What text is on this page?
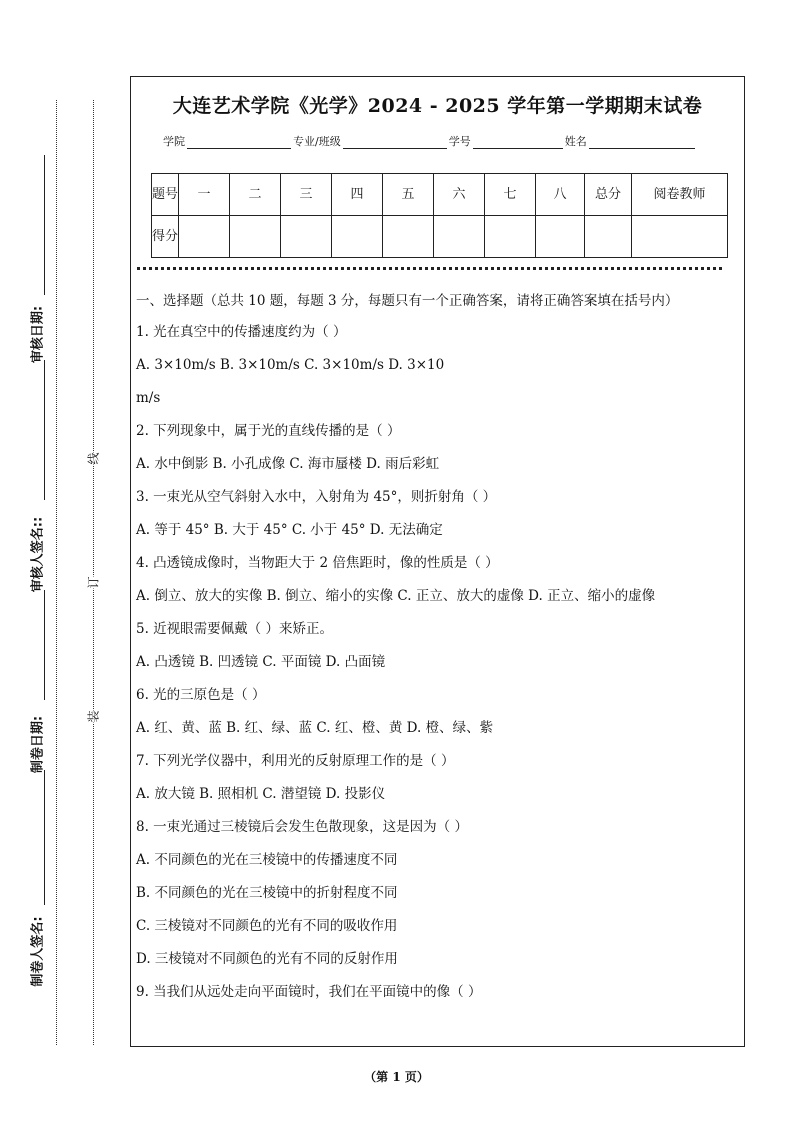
审核日期:
审核人签名::
制卷日期:
制卷人签名:
线
订
装
大连艺术学院《光学》2024 - 2025 学年第一学期期末试卷
学院	专业/班级	学号	姓名
题号	一	二	三	四	五	六	七	八	总分	阅卷教师
得分										

一、选择题（总共 10 题，每题 3 分，每题只有一个正确答案，请将正确答案填在括号内）

1. 光在真空中的传播速度约为（ ）

A. 3×10m/s B. 3×10m/s C. 3×10m/s D. 3×10

m/s

2. 下列现象中，属于光的直线传播的是（ ）

A. 水中倒影 B. 小孔成像 C. 海市蜃楼 D. 雨后彩虹

3. 一束光从空气斜射入水中，入射角为 45°，则折射角（ ）

A. 等于 45° B. 大于 45° C. 小于 45° D. 无法确定

4. 凸透镜成像时，当物距大于 2 倍焦距时，像的性质是（ ）

A. 倒立、放大的实像 B. 倒立、缩小的实像 C. 正立、放大的虚像 D. 正立、缩小的虚像

5. 近视眼需要佩戴（ ）来矫正。

A. 凸透镜 B. 凹透镜 C. 平面镜 D. 凸面镜

6. 光的三原色是（ ）

A. 红、黄、蓝 B. 红、绿、蓝 C. 红、橙、黄 D. 橙、绿、紫

7. 下列光学仪器中，利用光的反射原理工作的是（ ）

A. 放大镜 B. 照相机 C. 潜望镜 D. 投影仪

8. 一束光通过三棱镜后会发生色散现象，这是因为（ ）

A. 不同颜色的光在三棱镜中的传播速度不同

B. 不同颜色的光在三棱镜中的折射程度不同

C. 三棱镜对不同颜色的光有不同的吸收作用

D. 三棱镜对不同颜色的光有不同的反射作用

9. 当我们从远处走向平面镜时，我们在平面镜中的像（ ）

（第 1 页）
